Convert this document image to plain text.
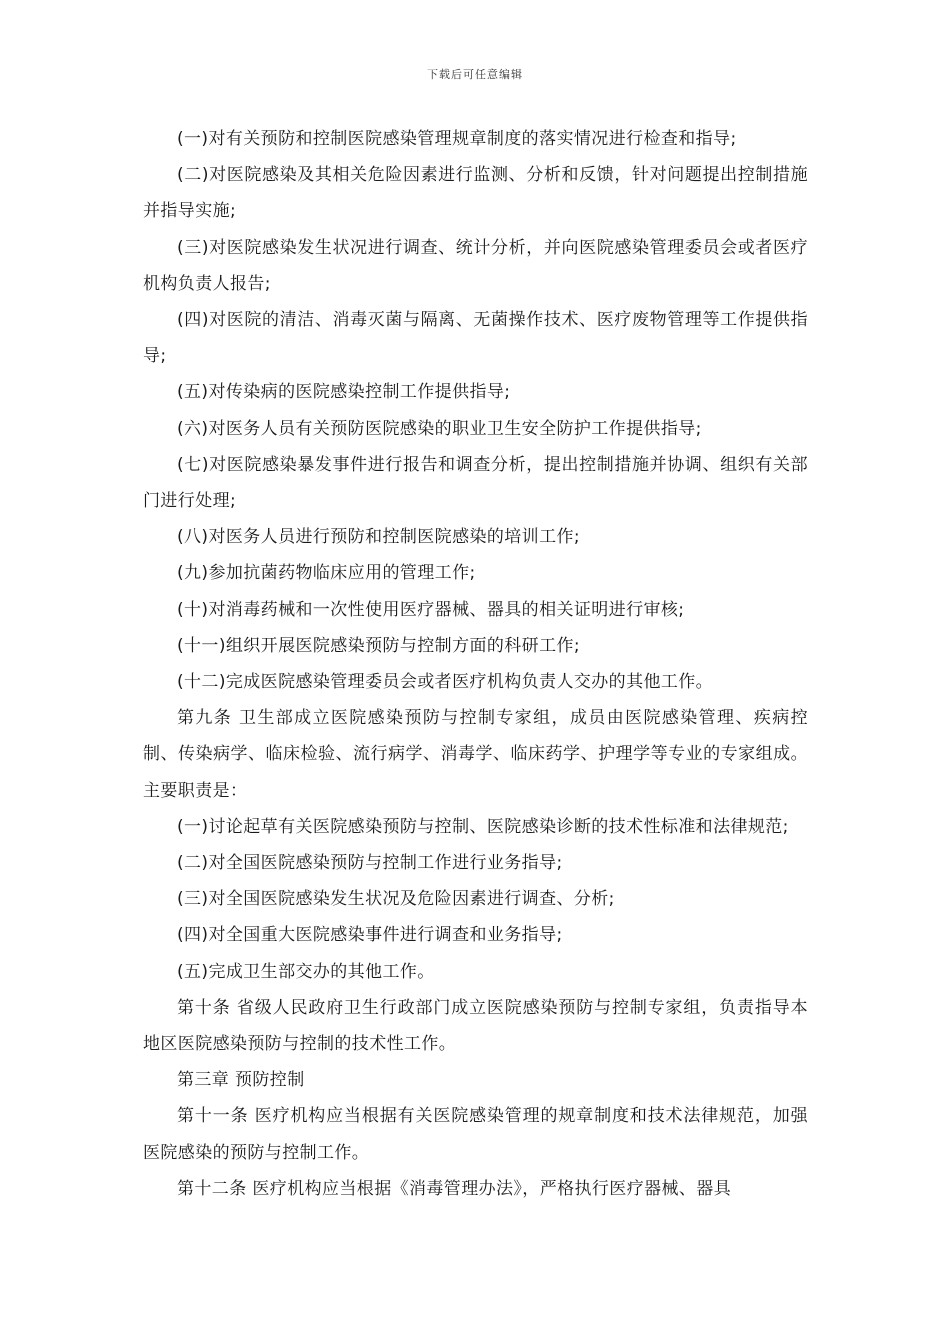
下载后可任意编辑

(一)对有关预防和控制医院感染管理规章制度的落实情况进行检查和指导;

(二)对医院感染及其相关危险因素进行监测、分析和反馈，针对问题提出控制措施并指导实施;

(三)对医院感染发生状况进行调查、统计分析，并向医院感染管理委员会或者医疗机构负责人报告;

(四)对医院的清洁、消毒灭菌与隔离、无菌操作技术、医疗废物管理等工作提供指导;

(五)对传染病的医院感染控制工作提供指导;

(六)对医务人员有关预防医院感染的职业卫生安全防护工作提供指导;

(七)对医院感染暴发事件进行报告和调查分析，提出控制措施并协调、组织有关部门进行处理;

(八)对医务人员进行预防和控制医院感染的培训工作;

(九)参加抗菌药物临床应用的管理工作;

(十)对消毒药械和一次性使用医疗器械、器具的相关证明进行审核;

(十一)组织开展医院感染预防与控制方面的科研工作;

(十二)完成医院感染管理委员会或者医疗机构负责人交办的其他工作。

第九条 卫生部成立医院感染预防与控制专家组，成员由医院感染管理、疾病控制、传染病学、临床检验、流行病学、消毒学、临床药学、护理学等专业的专家组成。主要职责是：

(一)讨论起草有关医院感染预防与控制、医院感染诊断的技术性标准和法律规范;

(二)对全国医院感染预防与控制工作进行业务指导;

(三)对全国医院感染发生状况及危险因素进行调查、分析;

(四)对全国重大医院感染事件进行调查和业务指导;

(五)完成卫生部交办的其他工作。

第十条 省级人民政府卫生行政部门成立医院感染预防与控制专家组，负责指导本地区医院感染预防与控制的技术性工作。

第三章 预防控制

第十一条 医疗机构应当根据有关医院感染管理的规章制度和技术法律规范，加强医院感染的预防与控制工作。

第十二条 医疗机构应当根据《消毒管理办法》，严格执行医疗器械、器具
